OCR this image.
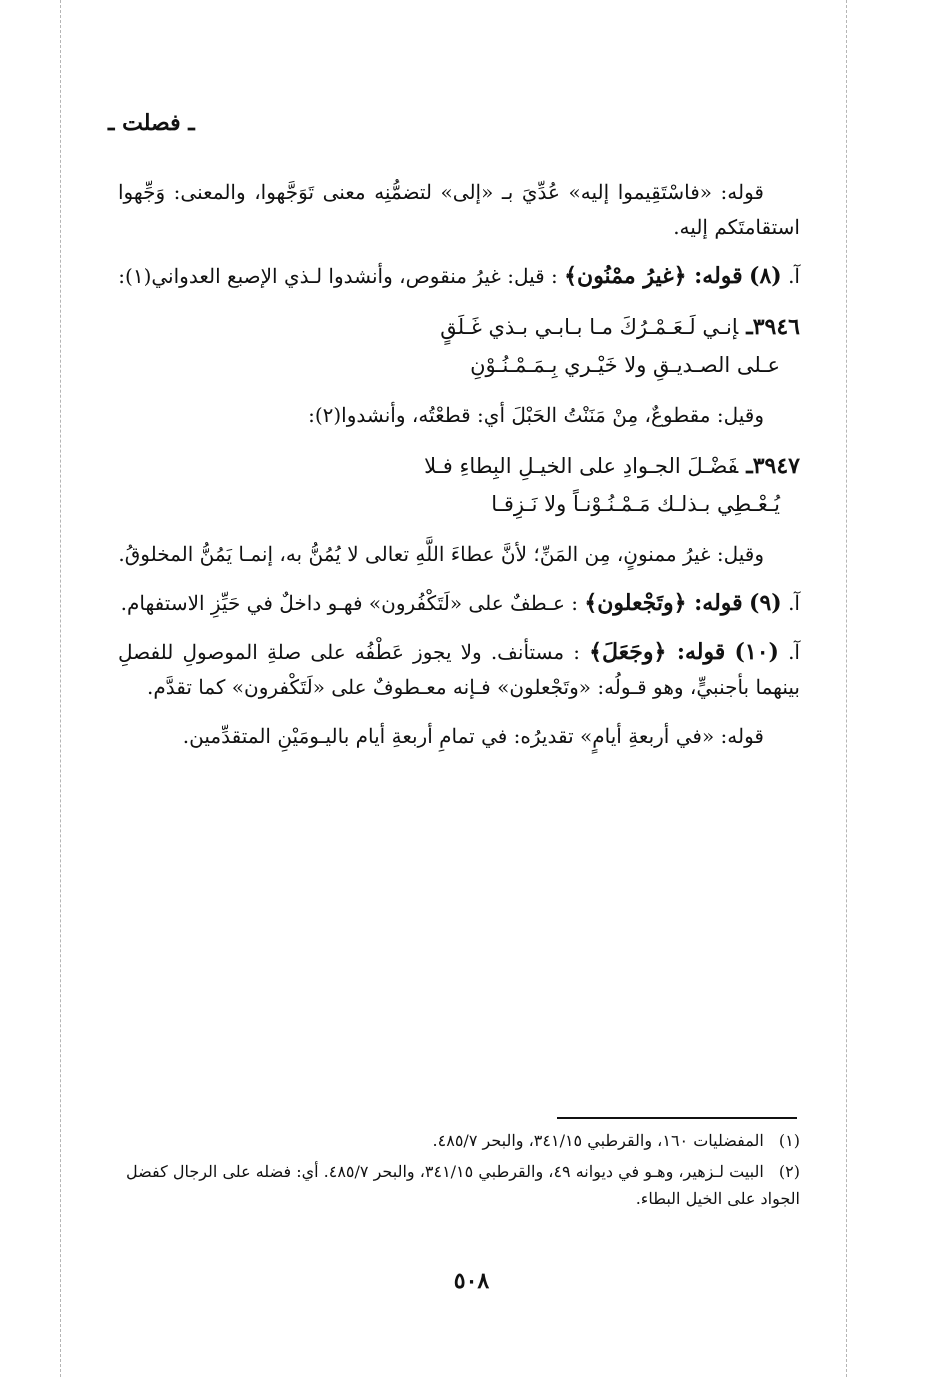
ـ فصلت ـ

قوله: «فاسْتَقِيموا إليه» عُدِّيَ بـ «إلى» لتضمُّنِه معنى تَوَجَّهوا، والمعنى: وَجِّهوا استقامتَكم إليه.

آ. (٨) قوله: ﴿غيرُ ممْنُون﴾ : قيل: غيرُ منقوص، وأنشدوا لـذي الإصبع العدواني(١):

٣٩٤٦ـإنـي لَـعَـمْـرُكَ مـا بـابـي بـذي غَـلَقٍ
عـلى الصـديـقِ ولا خَيْـري بِـمَـمْـنُـوْنِ

وقيل: مقطوعٌ، مِنْ مَنَنْتُ الحَبْلَ أي: قطعْتُه، وأنشدوا(٢):

٣٩٤٧ـفَضْـلَ الجـوادِ على الخيـلِ البِطاءِ فـلا
يُـعْـطِي بـذلـك مَـمْـنُـوْنـاً ولا نَـزِقـا

وقيل: غيرُ ممنونٍ، مِن المَنِّ؛ لأنَّ عطاءَ اللَّهِ تعالى لا يُمُنُّ به، إنمـا يَمُنُّ المخلوقُ.

آ. (٩) قوله: ﴿وتَجْعلون﴾ : عـطفٌ على «لَتَكْفُرون» فهـو داخلٌ في حَيِّزِ الاستفهام.

آ. (١٠) قوله: ﴿وجَعَلَ﴾ : مستأنف. ولا يجوز عَطْفُه على صلةِ الموصولِ للفصلِ بينهما بأجنبيٍّ، وهو قـولُه: «وتَجْعلون» فـإنه معـطوفٌ على «لَتَكْفرون» كما تقدَّم.

قوله: «في أربعةِ أيامٍ» تقديرُه: في تمامِ أربعةِ أيام باليـومَيْنِ المتقدِّمين.

(١) المفضليات ١٦٠، والقرطبي ٣٤١/١٥، والبحر ٤٨٥/٧.

(٢) البيت لـزهير، وهـو في ديوانه ٤٩، والقرطبي ٣٤١/١٥، والبحر ٤٨٥/٧. أي: فضله على الرجال كفضل الجواد على الخيل البطاء.

٥٠٨
